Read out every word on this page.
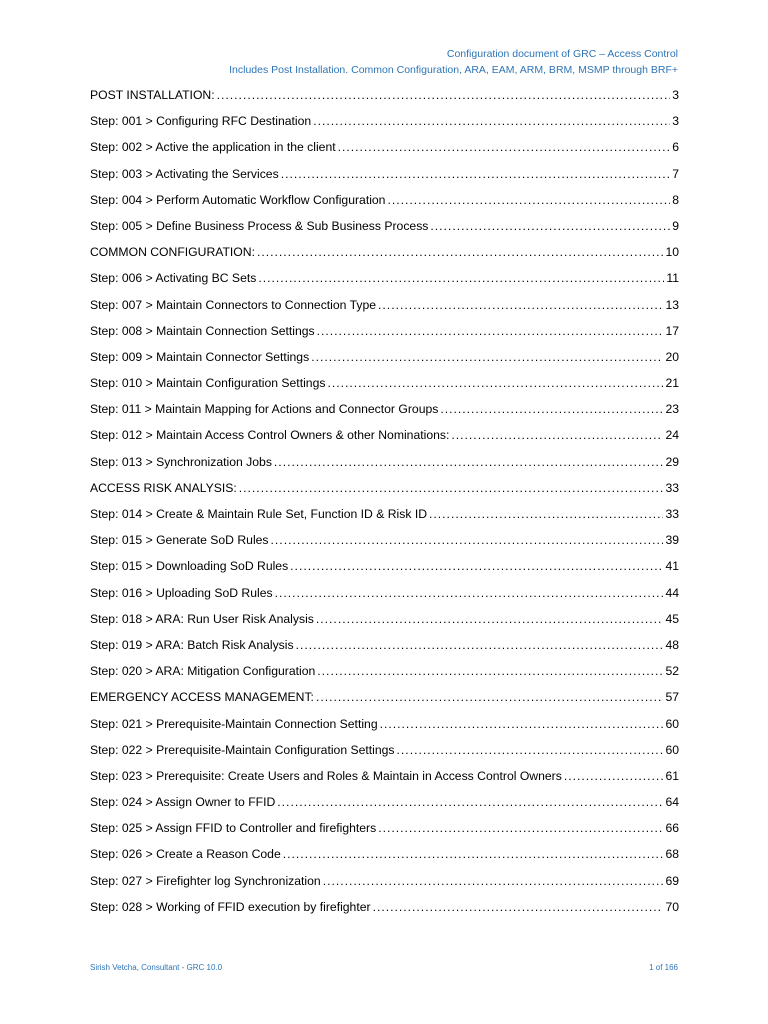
Configuration document of GRC – Access Control
Includes Post Installation. Common Configuration, ARA, EAM, ARM, BRM, MSMP through BRF+
POST INSTALLATION: .....	3
Step: 001 > Configuring RFC Destination .....	3
Step: 002 > Active the application in the client .....	6
Step: 003 > Activating the Services .....	7
Step: 004 > Perform Automatic Workflow Configuration .....	8
Step: 005 > Define Business Process & Sub Business Process .....	9
COMMON CONFIGURATION: .....	10
Step: 006 > Activating BC Sets .....	11
Step: 007 > Maintain Connectors to Connection Type .....	13
Step: 008 > Maintain Connection Settings .....	17
Step: 009 > Maintain Connector Settings .....	20
Step: 010 > Maintain Configuration Settings .....	21
Step: 011 > Maintain Mapping for Actions and Connector Groups .....	23
Step: 012 > Maintain Access Control Owners & other Nominations: .....	24
Step: 013 > Synchronization Jobs .....	29
ACCESS RISK ANALYSIS: .....	33
Step: 014 > Create & Maintain Rule Set, Function ID & Risk ID .....	33
Step: 015 > Generate SoD Rules .....	39
Step: 015 > Downloading SoD Rules .....	41
Step: 016 > Uploading SoD Rules .....	44
Step: 018 > ARA: Run User Risk Analysis .....	45
Step: 019 > ARA: Batch Risk Analysis .....	48
Step: 020 > ARA: Mitigation Configuration .....	52
EMERGENCY ACCESS MANAGEMENT: .....	57
Step: 021 > Prerequisite-Maintain Connection Setting .....	60
Step: 022 > Prerequisite-Maintain Configuration Settings .....	60
Step: 023 > Prerequisite: Create Users and Roles & Maintain in Access Control Owners .....	61
Step: 024 > Assign Owner to FFID .....	64
Step: 025 > Assign FFID to Controller and firefighters .....	66
Step: 026 > Create a Reason Code .....	68
Step: 027 > Firefighter log Synchronization .....	69
Step: 028 > Working of FFID execution by firefighter .....	70
Sirish Vetcha, Consultant - GRC 10.0	1 of 166
